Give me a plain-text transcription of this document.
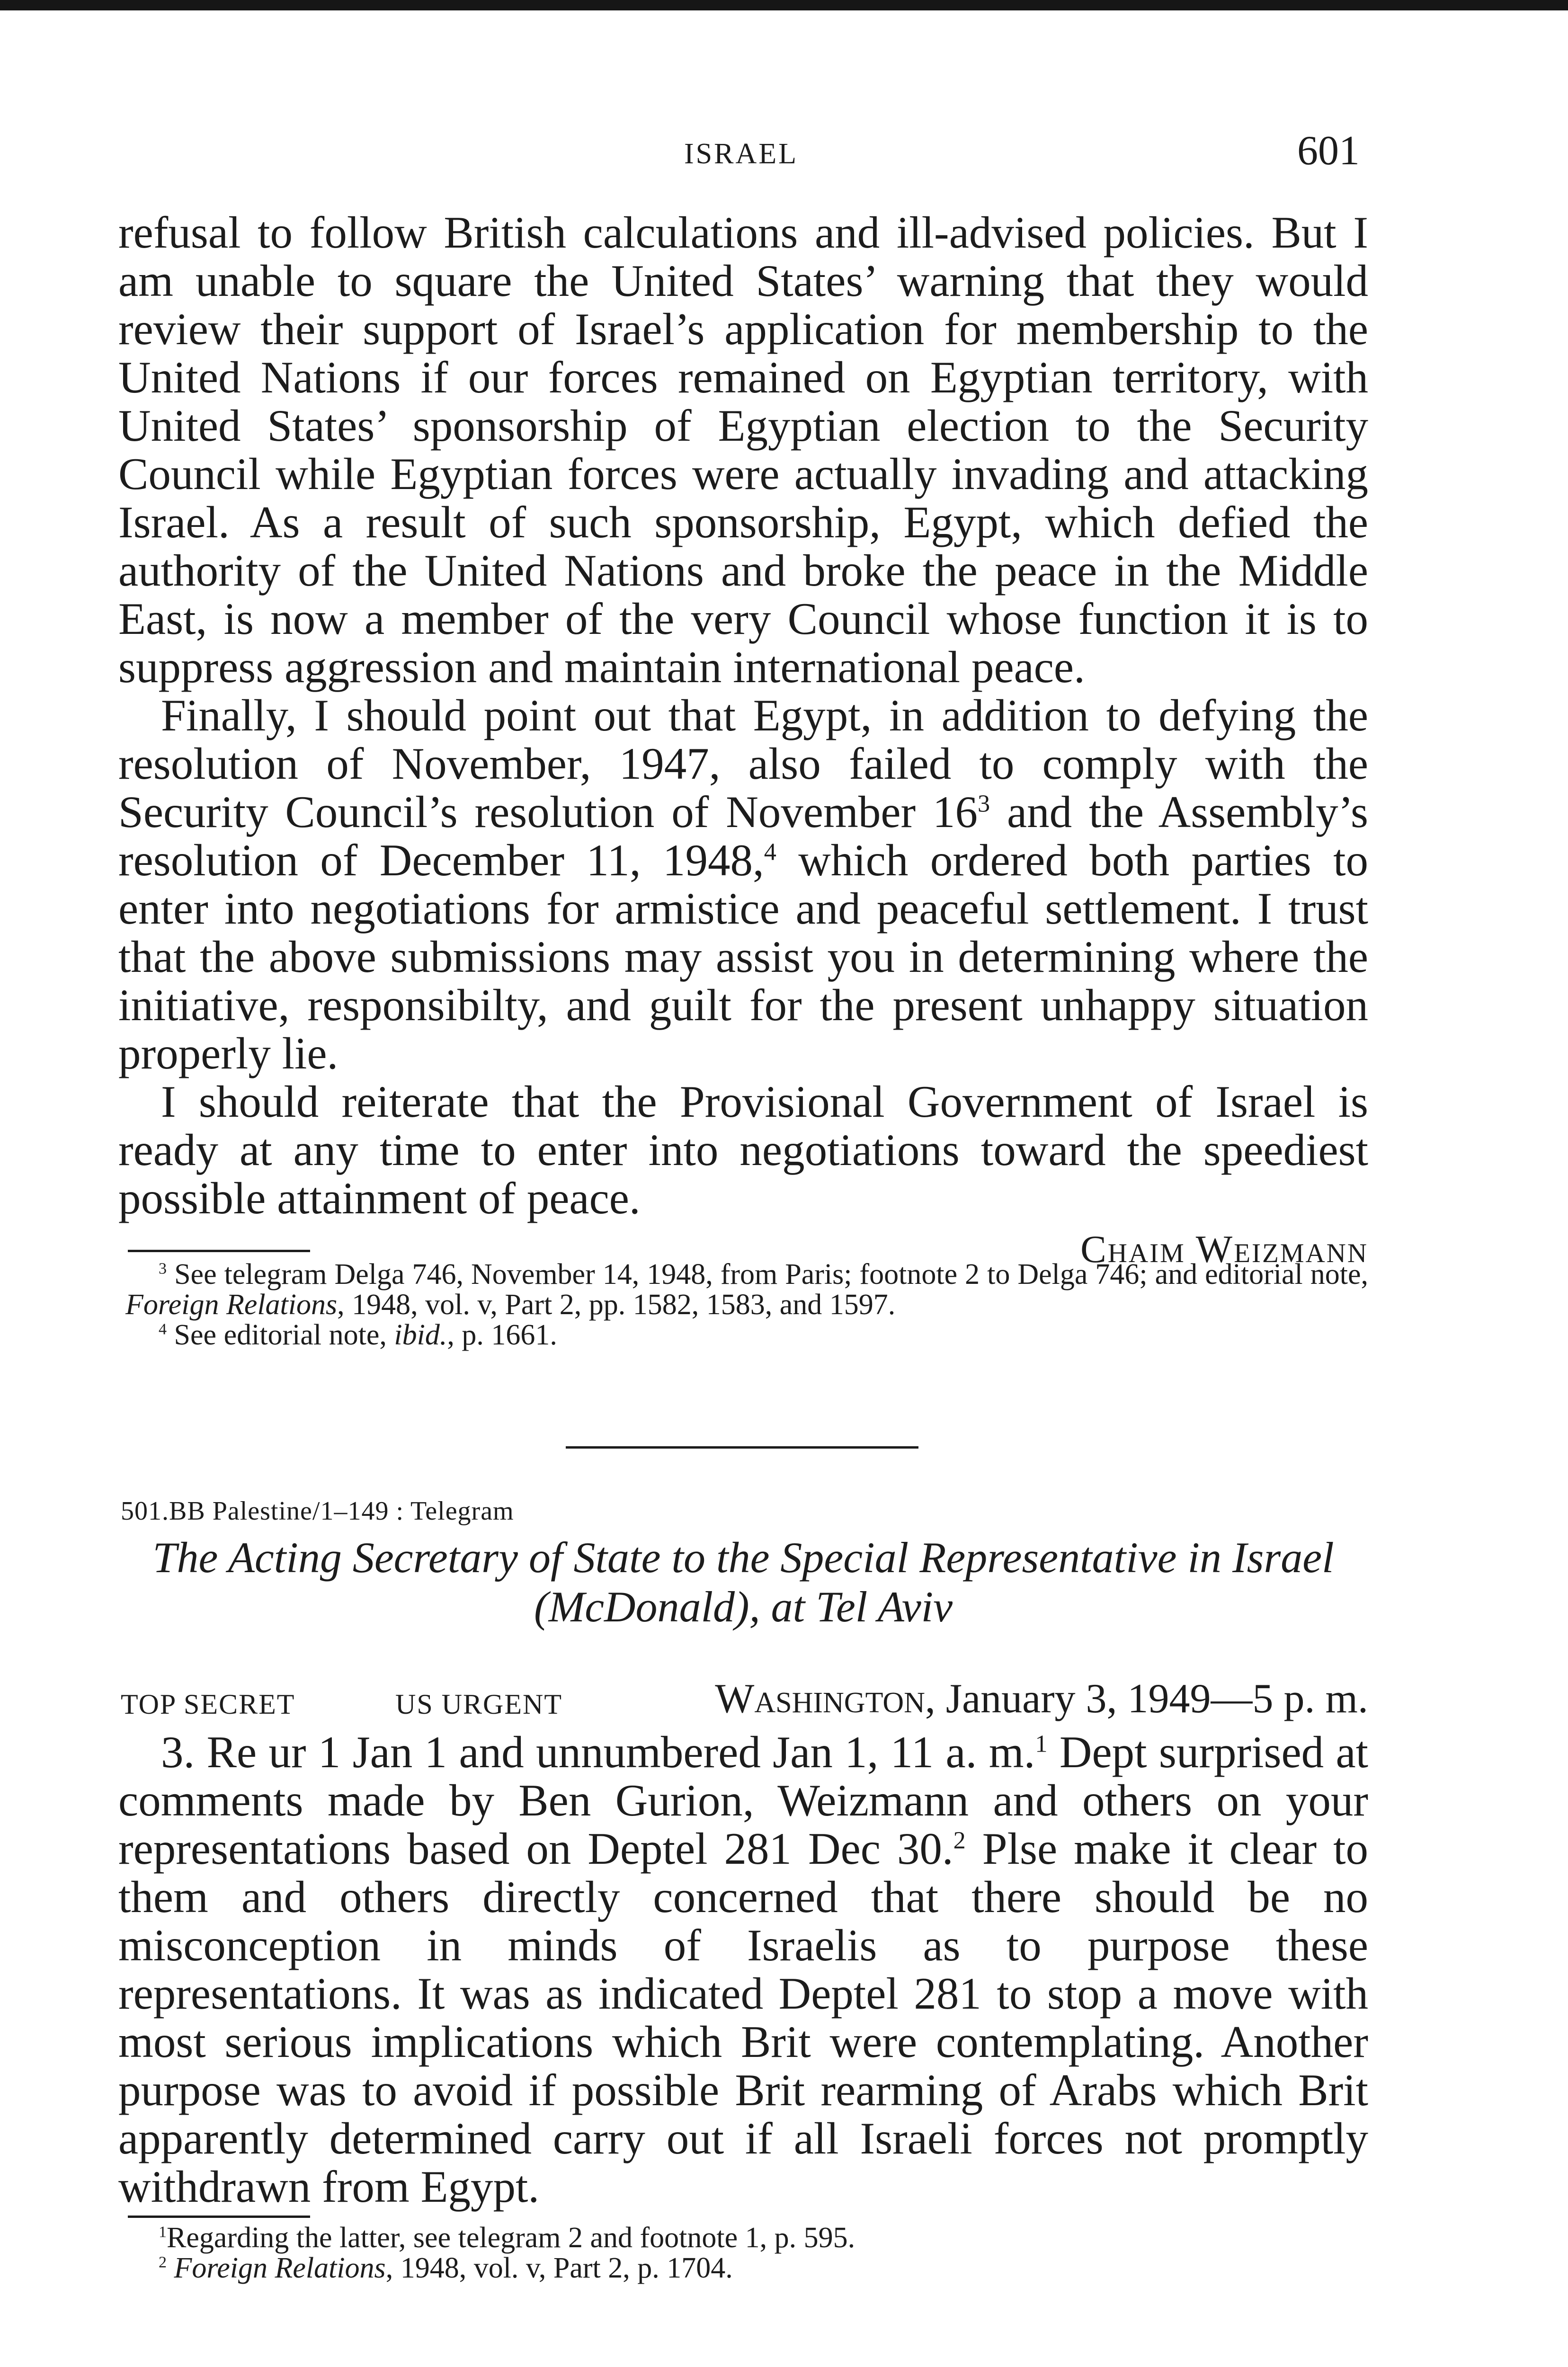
ISRAEL	601

refusal to follow British calculations and ill-advised policies. But I am unable to square the United States’ warning that they would review their support of Israel’s application for membership to the United Nations if our forces remained on Egyptian territory, with United States’ sponsorship of Egyptian election to the Security Council while Egyptian forces were actually invading and attacking Israel. As a result of such sponsorship, Egypt, which defied the authority of the United Nations and broke the peace in the Middle East, is now a member of the very Council whose function it is to suppress aggression and maintain international peace.

Finally, I should point out that Egypt, in addition to defying the resolution of November, 1947, also failed to comply with the Security Council’s resolution of November $16^3$ and the Assembly’s resolution of December 11, 1948,$^4$ which ordered both parties to enter into negotiations for armistice and peaceful settlement. I trust that the above submissions may assist you in determining where the initiative, responsibilty, and guilt for the present unhappy situation properly lie.

I should reiterate that the Provisional Government of Israel is ready at any time to enter into negotiations toward the speediest possible attainment of peace.

Chaim Weizmann

$^3$ See telegram Delga 746, November 14, 1948, from Paris; footnote 2 to Delga 746; and editorial note, Foreign Relations, 1948, vol. v, Part 2, pp. 1582, 1583, and 1597.

$^4$ See editorial note, ibid., p. 1661.

501.BB Palestine/1–149 : Telegram
The Acting Secretary of State to the Special Representative in Israel
(McDonald), at Tel Aviv
TOP SECRET	US URGENT	Washington, January 3, 1949—5 p. m.

3. Re ur 1 Jan 1 and unnumbered Jan 1, 11 a. m.$^1$ Dept surprised at comments made by Ben Gurion, Weizmann and others on your representations based on Deptel 281 Dec 30.$^2$ Plse make it clear to them and others directly concerned that there should be no misconception in minds of Israelis as to purpose these representations. It was as indicated Deptel 281 to stop a move with most serious implications which Brit were contemplating. Another purpose was to avoid if possible Brit rearming of Arabs which Brit apparently determined carry out if all Israeli forces not promptly withdrawn from Egypt.

$^1$Regarding the latter, see telegram 2 and footnote 1, p. 595.

$^2$ Foreign Relations, 1948, vol. v, Part 2, p. 1704.
